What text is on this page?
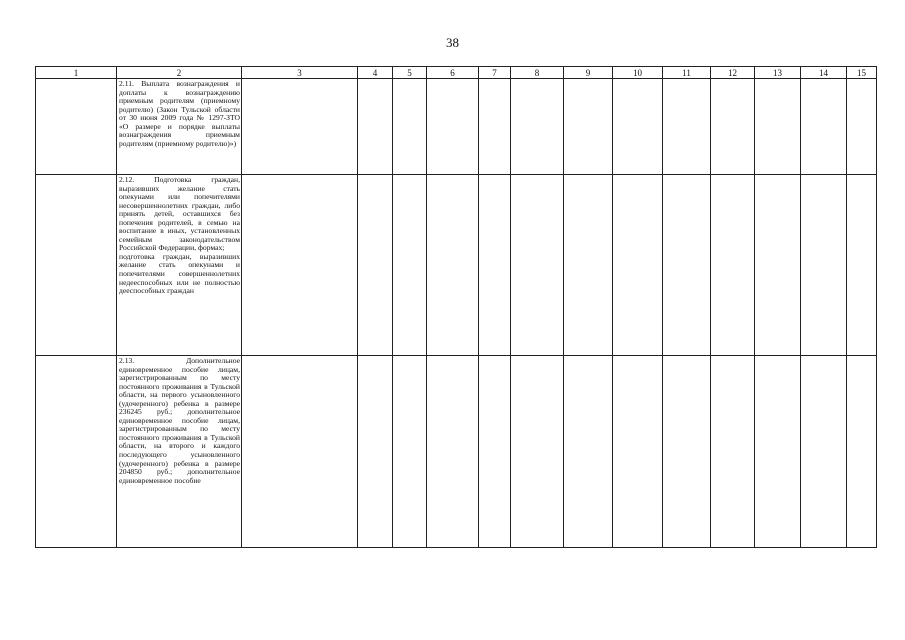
38
1	2	3	4	5	6	7	8	9	10	11	12	13	14	15

	2.11. Выплата вознаграждения и доплаты к вознаграждению приемным родителям (приемному родителю) (Закон Тульской области от 30 июня 2009 года № 1297-ЗТО «О размере и порядке выплаты вознаграждения приемным родителям (приемному родителю)»)													

	2.12. Подготовка граждан, выразивших желание стать опекунами или попечителями несовершеннолетних граждан, либо принять детей, оставшихся без попечения родителей, в семью на воспитание в иных, установленных семейным законодательством Российской Федерации, формах;
подготовка граждан, выразивших желание стать опекунами и попечителями совершеннолетних недееспособных или не полностью дееспособных граждан													

	2.13. Дополнительное единовременное пособие лицам, зарегистрированным по месту постоянного проживания в Тульской области, на первого усыновленного (удочеренного) ребенка в размере 236245 руб.; дополнительное единовременное пособие лицам, зарегистрированным по месту постоянного проживания в Тульской области, на второго и каждого последующего усыновленного (удочеренного) ребенка в размере 204850 руб.; дополнительное единовременное пособие													
